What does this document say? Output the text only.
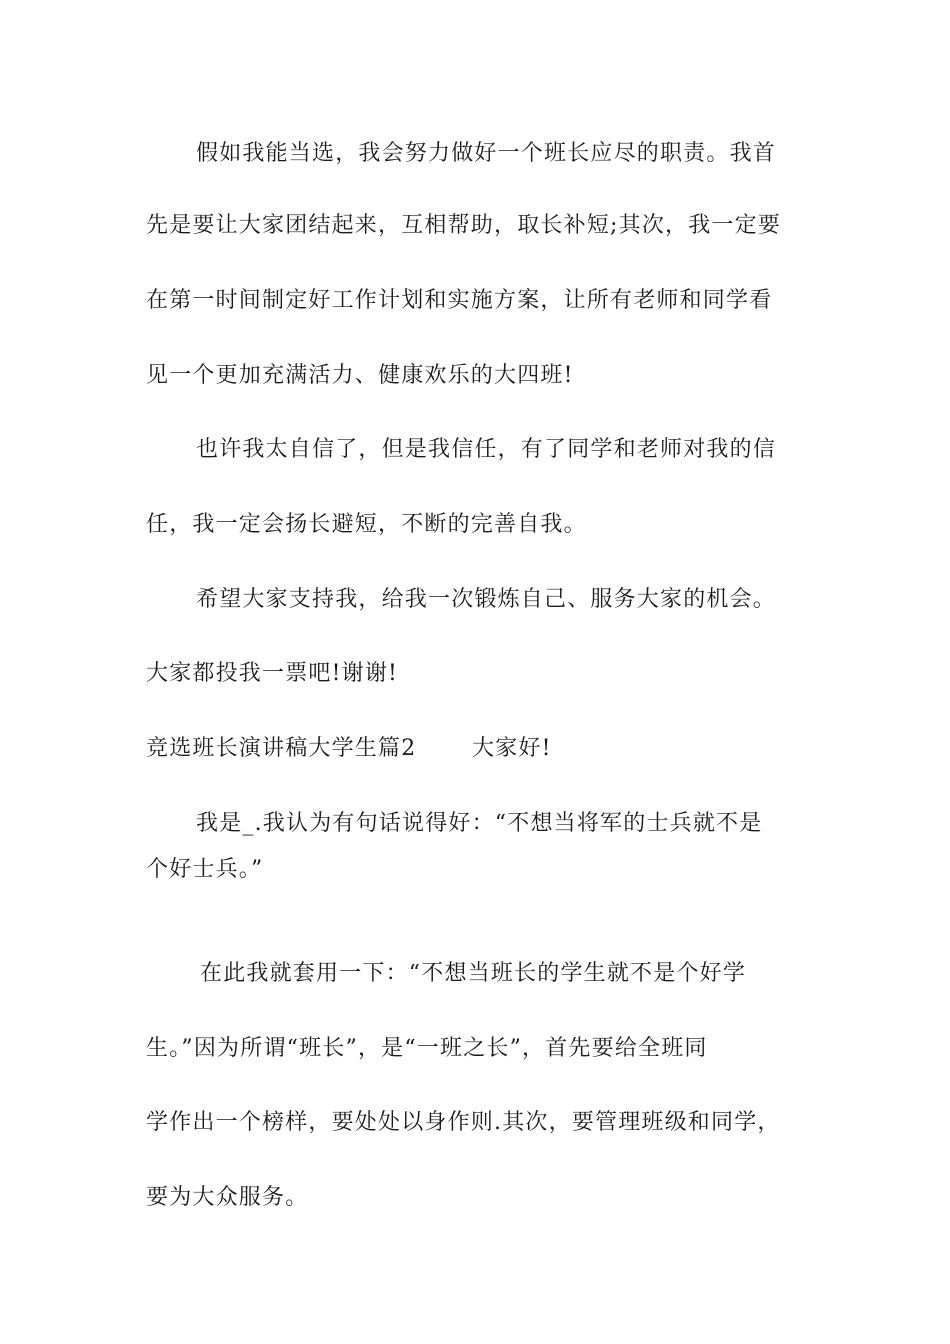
假如我能当选，我会努力做好一个班长应尽的职责。我首
先是要让大家团结起来，互相帮助，取长补短;其次，我一定要
在第一时间制定好工作计划和实施方案，让所有老师和同学看
见一个更加充满活力、健康欢乐的大四班!
也许我太自信了，但是我信任，有了同学和老师对我的信
任，我一定会扬长避短，不断的完善自我。
希望大家支持我，给我一次锻炼自己、服务大家的机会。
大家都投我一票吧!谢谢!
竞选班长演讲稿大学生篇2	大家好!
我是_.我认为有句话说得好：“不想当将军的士兵就不是
个好士兵。”
在此我就套用一下：“不想当班长的学生就不是个好学
生。”因为所谓“班长”，是“一班之长”，首先要给全班同
学作出一个榜样，要处处以身作则.其次，要管理班级和同学，
要为大众服务。
